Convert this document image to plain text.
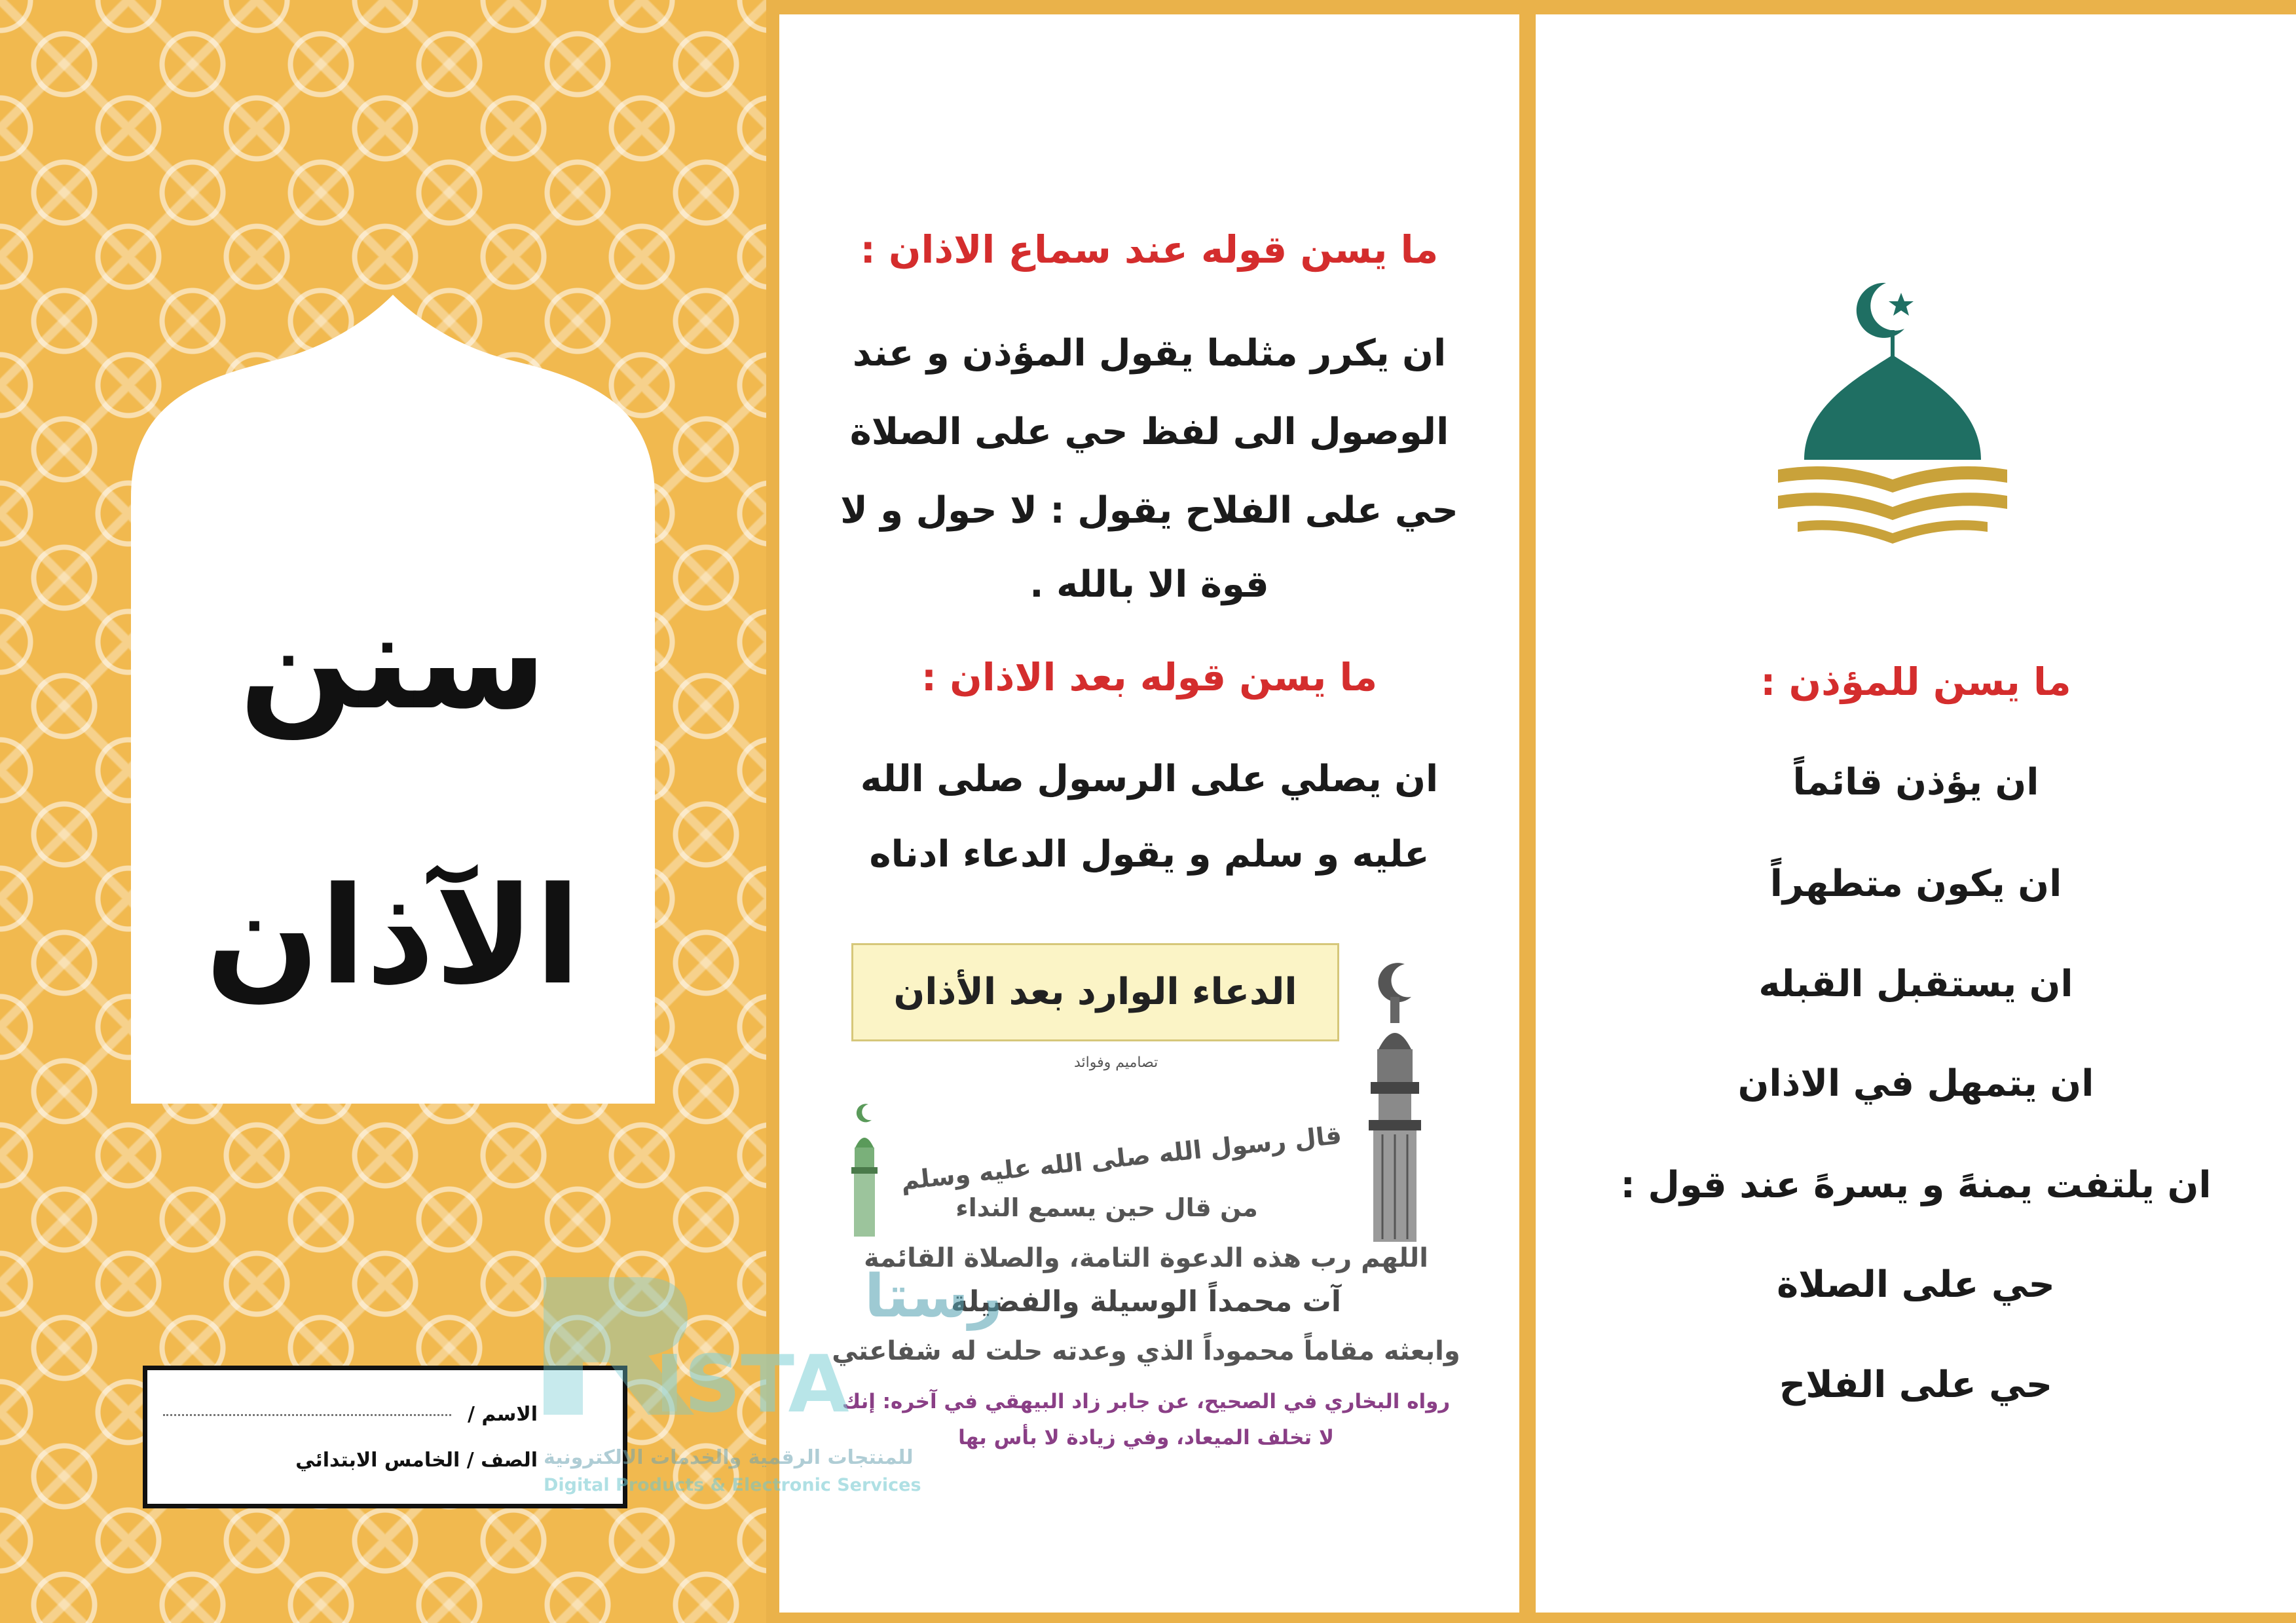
سنن
الآذان
الاسم /
الصف / الخامس الابتدائي
ما يسن قوله عند سماع الاذان :
ان يكرر مثلما يقول المؤذن و عند
الوصول الى لفظ حي على الصلاة
حي على الفلاح يقول : لا حول و لا
قوة الا بالله .
ما يسن قوله بعد الاذان :
ان يصلي على الرسول صلى الله
عليه و سلم و يقول الدعاء ادناه
الدعاء الوارد بعد الأذان
تصاميم وفوائد
قال رسول الله صلى الله عليه وسلم
من قال حين يسمع النداء
اللهم رب هذه الدعوة التامة، والصلاة القائمة
آت محمداً الوسيلة والفضيلة
وابعثه مقاماً محموداً الذي وعدته حلت له شفاعتي
رواه البخاري في الصحيح، عن جابر زاد البيهقي في آخره: إنك
لا تخلف الميعاد، وفي زيادة لا بأس بها
ما يسن للمؤذن :
ان يؤذن قائماً
ان يكون متطهراً
ان يستقبل القبله
ان يتمهل في الاذان
ان يلتفت يمنهً و يسرهً عند قول :
حي على الصلاة
حي على الفلاح
رستا
ISTA
للمنتجات الرقمية والخدمات الالكترونية
Digital Products & Electronic Services
